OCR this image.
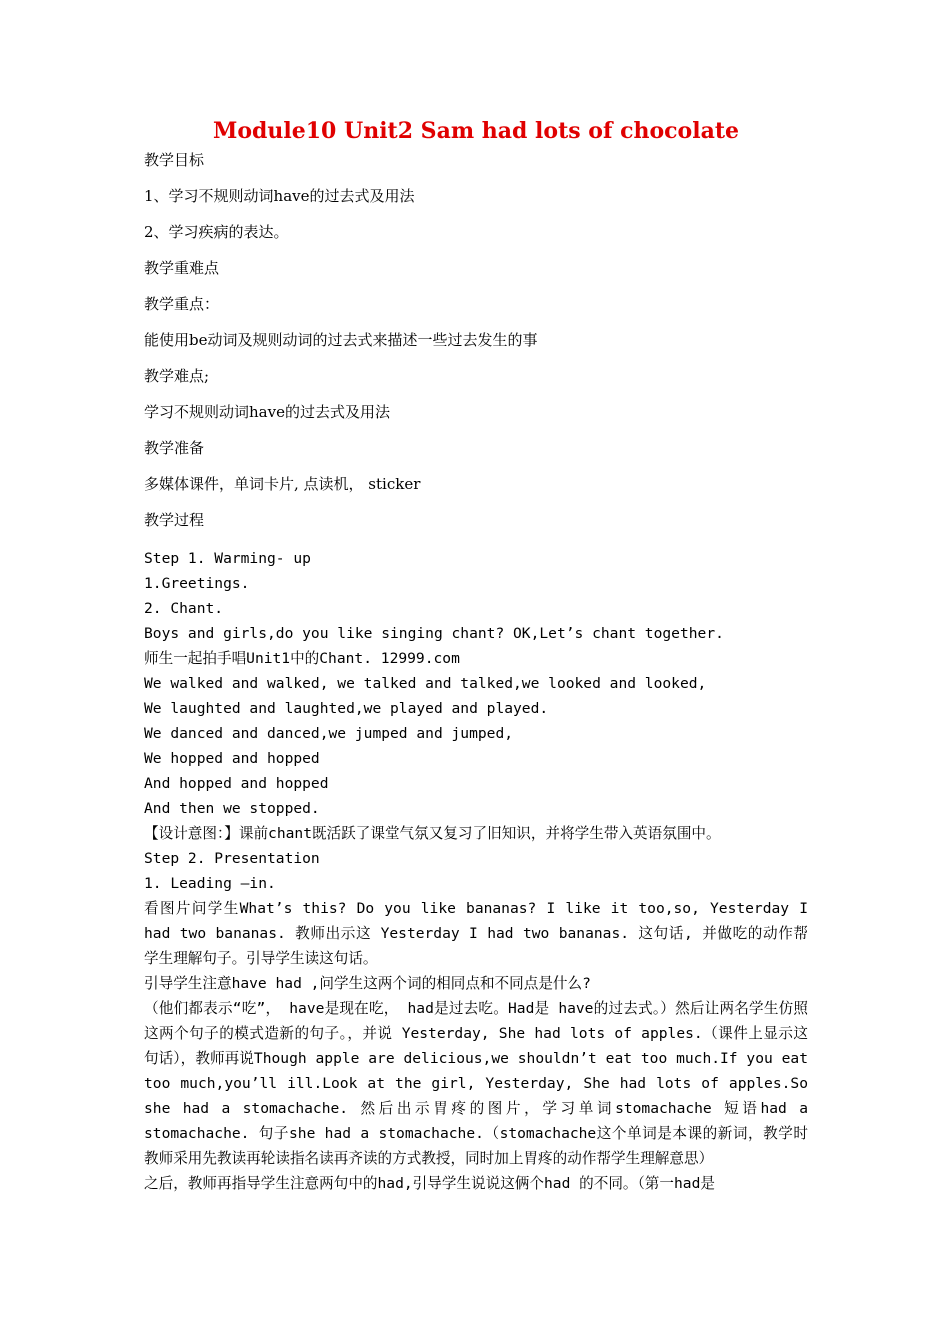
Module10 Unit2 Sam had lots of chocolate

教学目标

1、学习不规则动词have的过去式及用法

2、学习疾病的表达。

教学重难点

教学重点：

能使用be动词及规则动词的过去式来描述一些过去发生的事

教学难点;

学习不规则动词have的过去式及用法

教学准备

多媒体课件，单词卡片, 点读机， sticker

教学过程

Step 1. Warming- up
1.Greetings.
2. Chant.
Boys and girls,do you like singing chant? OK,Let’s chant together.
师生一起拍手唱Unit1中的Chant. 12999.com
We walked and walked, we talked and talked,we looked and looked,
We laughted and laughted,we played and played.
We danced and danced,we jumped and jumped,
We hopped and hopped
And hopped and hopped
And then we stopped.
【设计意图：】课前chant既活跃了课堂气氛又复习了旧知识，并将学生带入英语氛围中。
Step 2. Presentation
1. Leading –in.
看图片问学生What’s this? Do you like bananas? I like it too,so, Yesterday I had two bananas. 教师出示这 Yesterday I had two bananas. 这句话, 并做吃的动作帮学生理解句子。引导学生读这句话。
引导学生注意have had ,问学生这两个词的相同点和不同点是什么?
（他们都表示“吃”， have是现在吃， had是过去吃。Had是 have的过去式。）然后让两名学生仿照这两个句子的模式造新的句子。，并说 Yesterday, She had lots of apples.（课件上显示这句话），教师再说Though apple are delicious,we shouldn’t eat too much.If you eat too much,you’ll ill.Look at the girl, Yesterday, She had lots of apples.So she had a stomachache. 然后出示胃疼的图片，学习单词stomachache 短语had a stomachache. 句子she had a stomachache.（stomachache这个单词是本课的新词，教学时教师采用先教读再轮读指名读再齐读的方式教授，同时加上胃疼的动作帮学生理解意思）
之后，教师再指导学生注意两句中的had,引导学生说说这俩个had 的不同。（第一had是
